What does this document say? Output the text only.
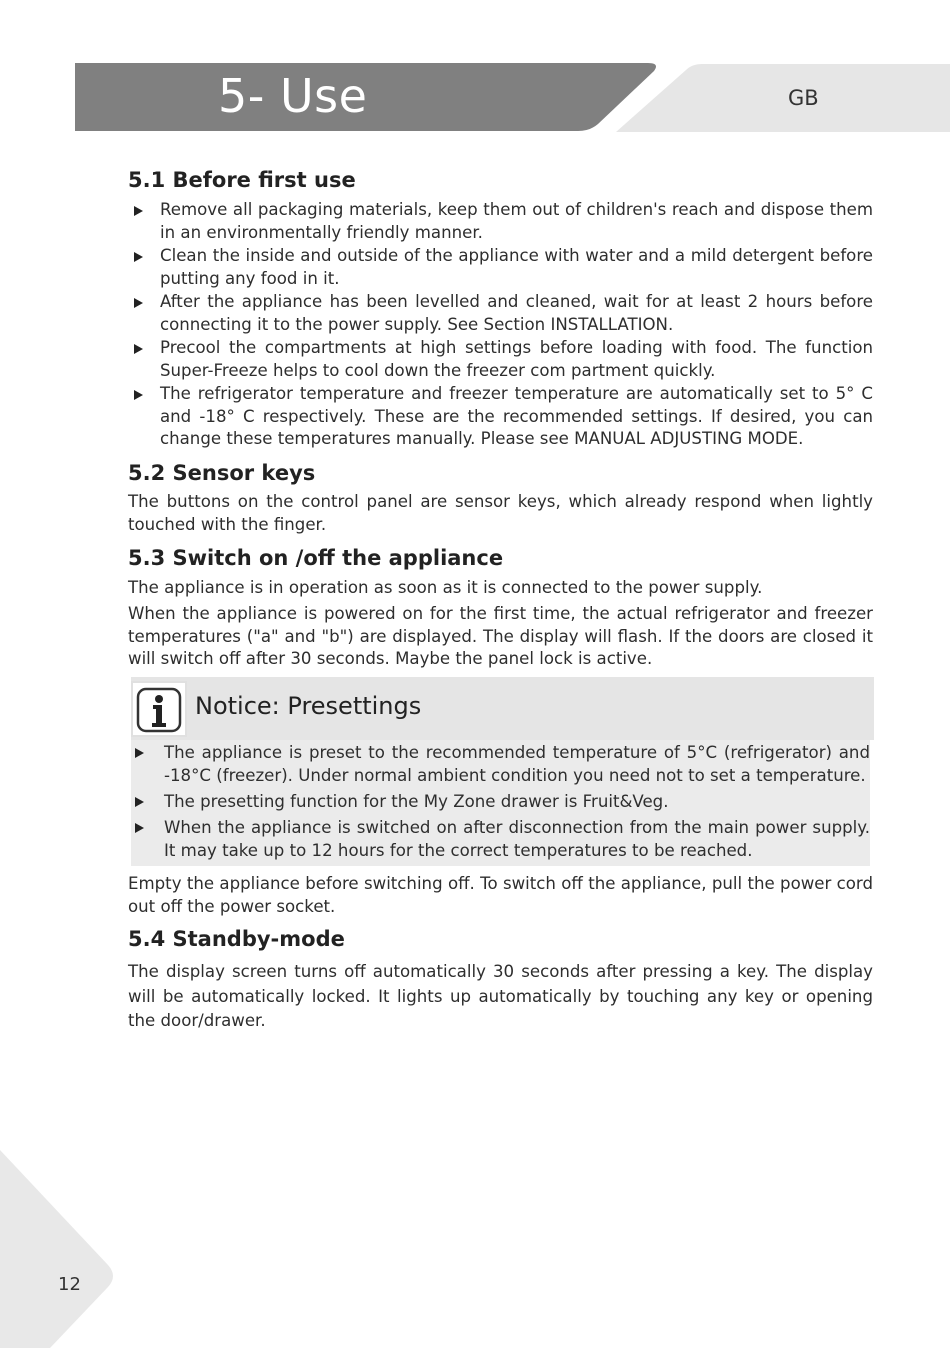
5- Use	GB
5.1 Before first use
Remove all packaging materials, keep them out of children's reach and dispose them in an environmentally friendly manner.
Clean the inside and outside of the appliance with water and a mild detergent before putting any food in it.
After the appliance has been levelled and cleaned, wait for at least 2 hours before connecting it to the power supply. See Section INSTALLATION.
Precool the compartments at high settings before loading with food. The function Super-Freeze helps to cool down the freezer com partment quickly.
The refrigerator temperature and freezer temperature are automatically set to 5° C and -18° C respectively. These are the recommended settings. If desired, you can change these temperatures manually. Please see MANUAL ADJUSTING MODE.
5.2 Sensor keys

The buttons on the control panel are sensor keys, which already respond when lightly touched with the finger.

5.3 Switch on /off the appliance

The appliance is in operation as soon as it is connected to the power supply.

When the appliance is powered on for the first time, the actual refrigerator and freezer temperatures ("a" and "b") are displayed. The display will flash. If the doors are closed it will switch off after 30 seconds. Maybe the panel lock is active.

Empty the appliance before switching off. To switch off the appliance, pull the power cord out off the power socket.

5.4 Standby-mode

The display screen turns off automatically 30 seconds after pressing a key. The display will be automatically locked. It lights up automatically by touching any key or opening the door/drawer.

Notice: Presettings
The appliance is preset to the recommended temperature of 5°C (refrigerator) and -18°C (freezer). Under normal ambient condition you need not to set a temperature.
The presetting function for the My Zone drawer is Fruit&Veg.
When the appliance is switched on after disconnection from the main power supply. It may take up to 12 hours for the correct temperatures to be reached.
12
